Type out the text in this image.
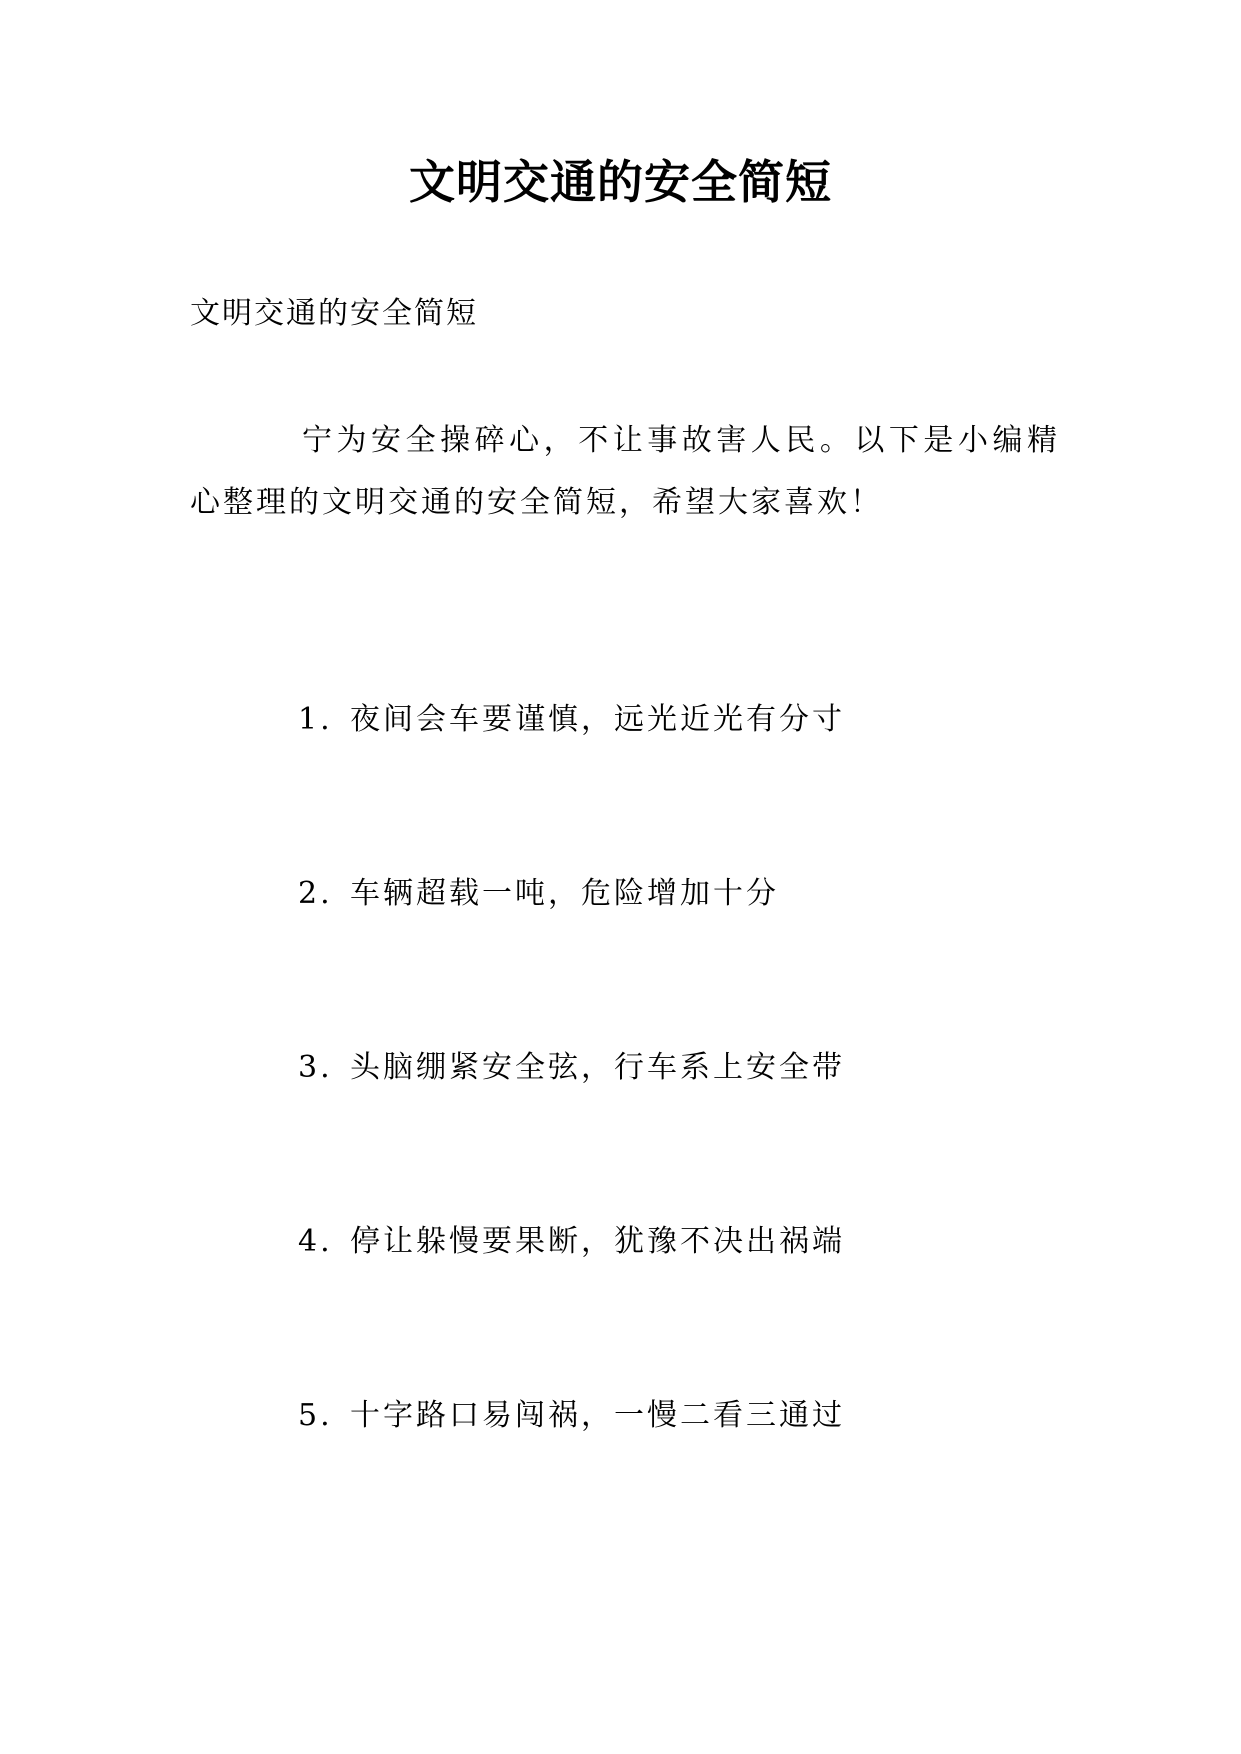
文明交通的安全简短

文明交通的安全简短

宁为安全操碎心，不让事故害人民。以下是小编精心整理的文明交通的安全简短，希望大家喜欢！

1. 夜间会车要谨慎，远光近光有分寸

2. 车辆超载一吨，危险增加十分

3. 头脑绷紧安全弦，行车系上安全带

4. 停让躲慢要果断，犹豫不决出祸端

5. 十字路口易闯祸，一慢二看三通过
